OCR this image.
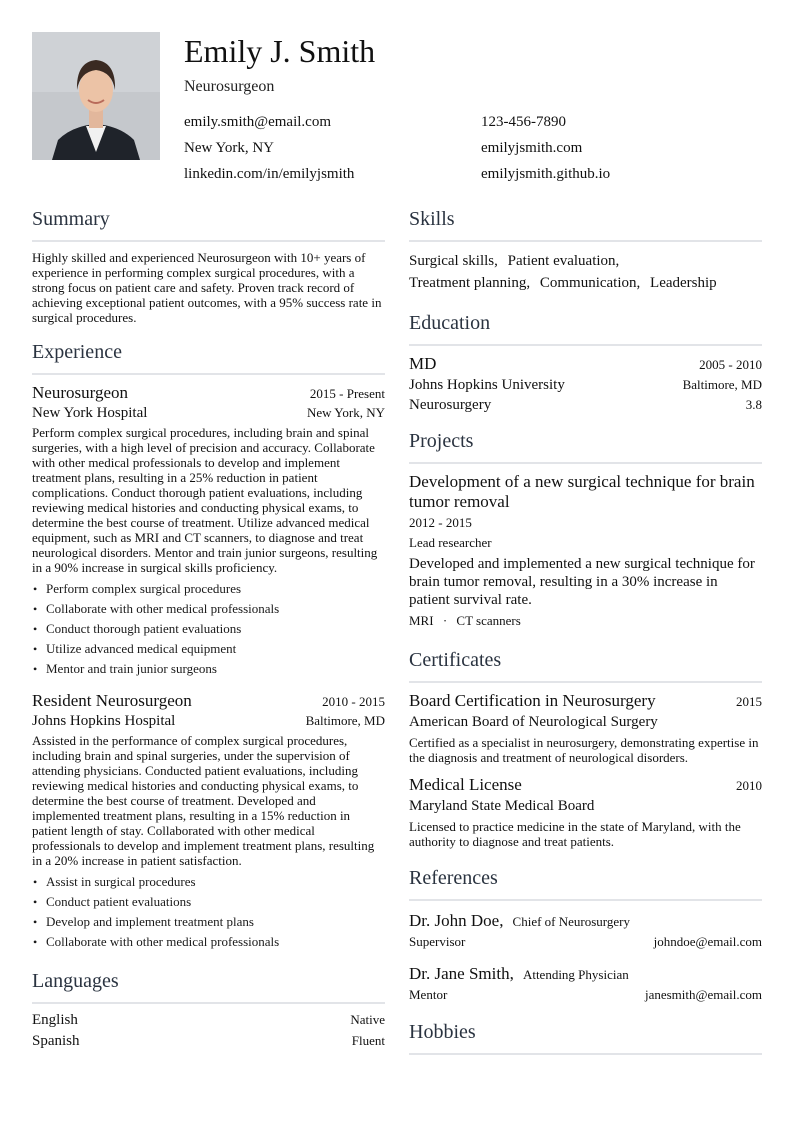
Emily J. Smith
Neurosurgeon
emily.smith@email.com	123-456-7890
New York, NY	emilyjsmith.com
linkedin.com/in/emilyjsmith	emilyjsmith.github.io
Summary
Highly skilled and experienced Neurosurgeon with 10+ years of experience in performing complex surgical procedures, with a strong focus on patient care and safety. Proven track record of achieving exceptional patient outcomes, with a 95% success rate in surgical procedures.
Experience
Neurosurgeon	2015 - Present
New York Hospital	New York, NY
Perform complex surgical procedures, including brain and spinal surgeries, with a high level of precision and accuracy. Collaborate with other medical professionals to develop and implement treatment plans, resulting in a 25% reduction in patient complications. Conduct thorough patient evaluations, including reviewing medical histories and conducting physical exams, to determine the best course of treatment. Utilize advanced medical equipment, such as MRI and CT scanners, to diagnose and treat neurological disorders. Mentor and train junior surgeons, resulting in a 90% increase in surgical skills proficiency.
• Perform complex surgical procedures
• Collaborate with other medical professionals
• Conduct thorough patient evaluations
• Utilize advanced medical equipment
• Mentor and train junior surgeons
Resident Neurosurgeon	2010 - 2015
Johns Hopkins Hospital	Baltimore, MD
Assisted in the performance of complex surgical procedures, including brain and spinal surgeries, under the supervision of attending physicians. Conducted patient evaluations, including reviewing medical histories and conducting physical exams, to determine the best course of treatment. Developed and implemented treatment plans, resulting in a 15% reduction in patient length of stay. Collaborated with other medical professionals to develop and implement treatment plans, resulting in a 20% increase in patient satisfaction.
• Assist in surgical procedures
• Conduct patient evaluations
• Develop and implement treatment plans
• Collaborate with other medical professionals
Languages
English	Native
Spanish	Fluent
Skills
Surgical skills, Patient evaluation,
Treatment planning, Communication, Leadership
Education
MD	2005 - 2010
Johns Hopkins University	Baltimore, MD
Neurosurgery	3.8
Projects
Development of a new surgical technique for brain tumor removal
2012 - 2015
Lead researcher
Developed and implemented a new surgical technique for brain tumor removal, resulting in a 30% increase in patient survival rate.
MRI · CT scanners
Certificates
Board Certification in Neurosurgery	2015
American Board of Neurological Surgery
Certified as a specialist in neurosurgery, demonstrating expertise in the diagnosis and treatment of neurological disorders.
Medical License	2010
Maryland State Medical Board
Licensed to practice medicine in the state of Maryland, with the authority to diagnose and treat patients.
References
Dr. John Doe, Chief of Neurosurgery
Supervisor	johndoe@email.com
Dr. Jane Smith, Attending Physician
Mentor	janesmith@email.com
Hobbies
